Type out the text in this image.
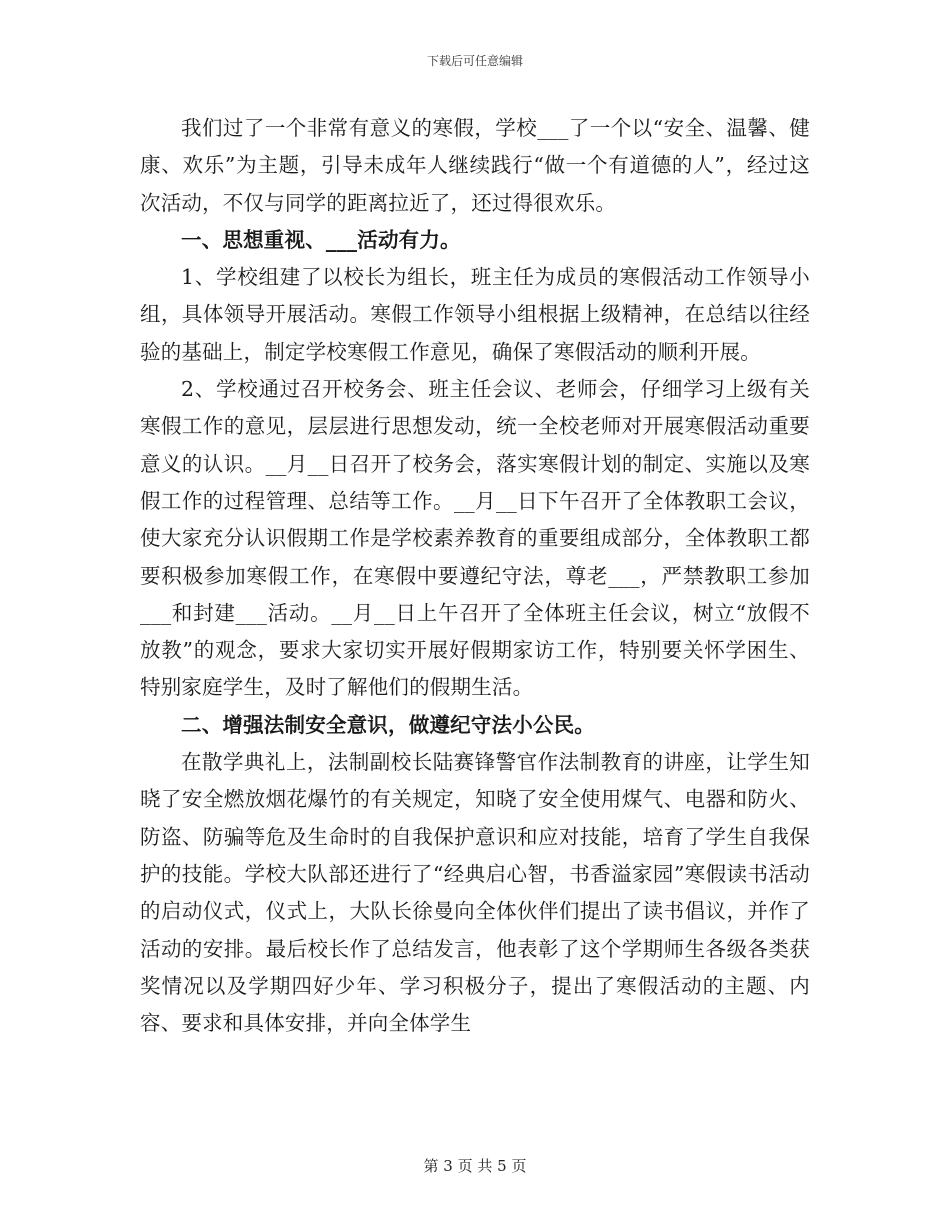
下载后可任意编辑

我们过了一个非常有意义的寒假，学校___了一个以“安全、温馨、健康、欢乐”为主题，引导未成年人继续践行“做一个有道德的人”，经过这次活动，不仅与同学的距离拉近了，还过得很欢乐。

一、思想重视、___活动有力。

1、学校组建了以校长为组长，班主任为成员的寒假活动工作领导小组，具体领导开展活动。寒假工作领导小组根据上级精神，在总结以往经验的基础上，制定学校寒假工作意见，确保了寒假活动的顺利开展。

2、学校通过召开校务会、班主任会议、老师会，仔细学习上级有关寒假工作的意见，层层进行思想发动，统一全校老师对开展寒假活动重要意义的认识。__月__日召开了校务会，落实寒假计划的制定、实施以及寒假工作的过程管理、总结等工作。__月__日下午召开了全体教职工会议，使大家充分认识假期工作是学校素养教育的重要组成部分，全体教职工都要积极参加寒假工作，在寒假中要遵纪守法，尊老___，严禁教职工参加___和封建___活动。__月__日上午召开了全体班主任会议，树立“放假不放教”的观念，要求大家切实开展好假期家访工作，特别要关怀学困生、特别家庭学生，及时了解他们的假期生活。

二、增强法制安全意识，做遵纪守法小公民。

在散学典礼上，法制副校长陆赛锋警官作法制教育的讲座，让学生知晓了安全燃放烟花爆竹的有关规定，知晓了安全使用煤气、电器和防火、防盗、防骗等危及生命时的自我保护意识和应对技能，培育了学生自我保护的技能。学校大队部还进行了“经典启心智，书香溢家园”寒假读书活动的启动仪式，仪式上，大队长徐曼向全体伙伴们提出了读书倡议，并作了活动的安排。最后校长作了总结发言，他表彰了这个学期师生各级各类获奖情况以及学期四好少年、学习积极分子，提出了寒假活动的主题、内容、要求和具体安排，并向全体学生

第 3 页 共 5 页
